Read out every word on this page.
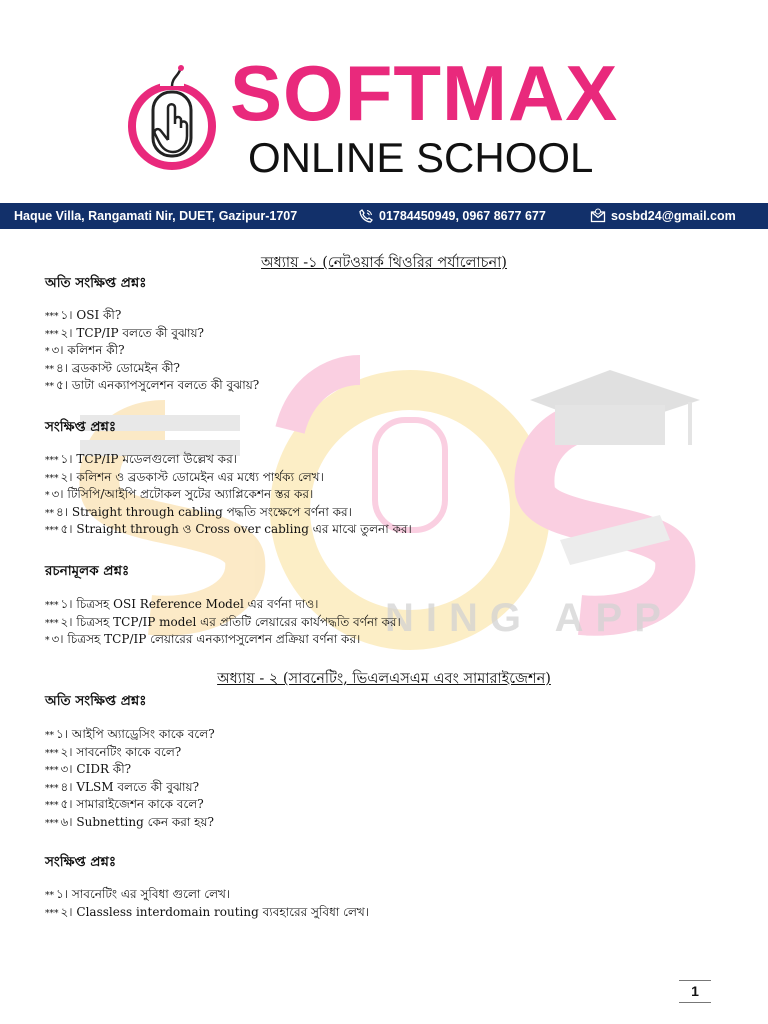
SOFTMAX
ONLINE SCHOOL
Haque Villa, Rangamati Nir, DUET, Gazipur-1707	01784450949, 0967 8677 677	sosbd24@gmail.com
NING APP
অধ্যায় -১ (নেটওয়ার্ক থিওরির পর্যালোচনা)
অতি সংক্ষিপ্ত প্রশ্নঃ
*** ১। OSI কী?
*** ২। TCP/IP বলতে কী বুঝায়?
* ৩। কলিশন কী?
** ৪। ব্রডকাস্ট ডোমেইন কী?
** ৫। ডাটা এনক্যাপসুলেশন বলতে কী বুঝায়?
সংক্ষিপ্ত প্রশ্নঃ
*** ১। TCP/IP মডেলগুলো উল্লেখ কর।
*** ২। কলিশন ও ব্রডকাস্ট ডোমেইন এর মধ্যে পার্থক্য লেখ।
* ৩। টিসিপি/আইপি প্রটোকল সুটের অ্যাপ্লিকেশন স্তর কর।
** ৪। Straight through cabling পদ্ধতি সংক্ষেপে বর্ণনা কর।
*** ৫। Straight through ও Cross over cabling এর মাঝে তুলনা কর।
রচনামূলক প্রশ্নঃ
*** ১। চিত্রসহ OSI Reference Model এর বর্ণনা দাও।
*** ২। চিত্রসহ TCP/IP model এর প্রতিটি লেয়ারের কার্যপদ্ধতি বর্ণনা কর।
* ৩। চিত্রসহ TCP/IP লেয়ারের এনক্যাপসুলেশন প্রক্রিয়া বর্ণনা কর।
অধ্যায় - ২ (সাবনেটিং, ভিএলএসএম এবং সামারাইজেশন)
অতি সংক্ষিপ্ত প্রশ্নঃ
** ১। আইপি অ্যাড্রেসিং কাকে বলে?
*** ২। সাবনেটিং কাকে বলে?
*** ৩। CIDR কী?
*** ৪। VLSM বলতে কী বুঝায়?
*** ৫। সামারাইজেশন কাকে বলে?
*** ৬। Subnetting কেন করা হয়?
সংক্ষিপ্ত প্রশ্নঃ
** ১। সাবনেটিং এর সুবিধা গুলো লেখ।
*** ২। Classless interdomain routing ব্যবহারের সুবিধা লেখ।
1
